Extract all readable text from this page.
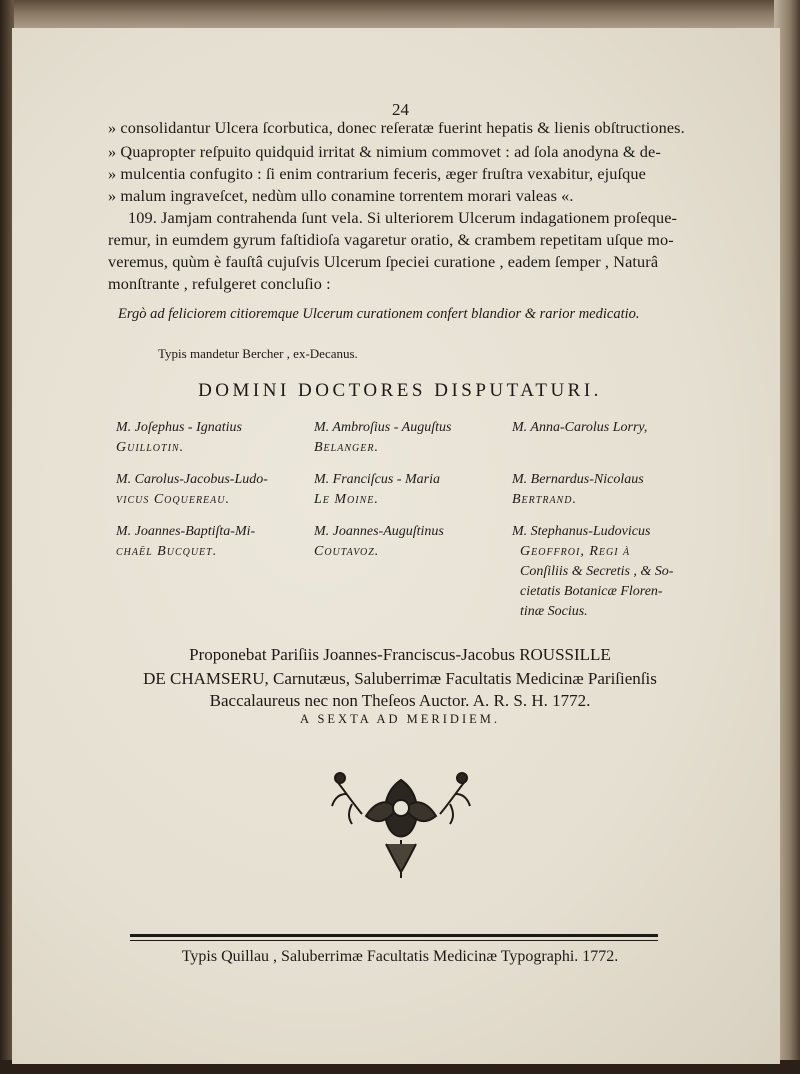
24
» consolidantur Ulcera ſcorbutica, donec reſeratæ fuerint hepatis & lienis obſtructiones.
» Quapropter reſpuito quidquid irritat & nimium commovet : ad ſola anodyna & de-
» mulcentia confugito : ſi enim contrarium feceris, æger fruſtra vexabitur, ejuſque
» malum ingraveſcet, nedùm ullo conamine torrentem morari valeas «.
109. Jamjam contrahenda ſunt vela. Si ulteriorem Ulcerum indagationem proſeque-
remur, in eumdem gyrum faſtidioſa vagaretur oratio, & crambem repetitam uſque mo-
veremus, quùm è fauſtâ cujuſvis Ulcerum ſpeciei curatione , eadem ſemper , Naturâ
monſtrante , refulgeret concluſio :
Ergò ad feliciorem citioremque Ulcerum curationem confert blandior & rarior medicatio.
Typis mandetur Bercher , ex-Decanus.
DOMINI DOCTORES DISPUTATURI.
M. Joſephus - Ignatius
Guillotin.
M. Ambroſius - Auguſtus
Belanger.
M. Anna-Carolus Lorry,
M. Carolus-Jacobus-Ludo-
vicus Coquereau.
M. Franciſcus - Maria
Le Moine.
M. Bernardus-Nicolaus
Bertrand.
M. Joannes-Baptiſta-Mi-
chaël Bucquet.
M. Joannes-Auguſtinus
Coutavoz.
M. Stephanus-Ludovicus
Geoffroi, Regi à
Conſiliis & Secretis , & So-
cietatis Botanicæ Floren-
tinæ Socius.
Proponebat Pariſiis Joannes-Franciscus-Jacobus ROUSSILLE
DE CHAMSERU, Carnutæus, Saluberrimæ Facultatis Medicinæ Pariſienſis
Baccalaureus nec non Theſeos Auctor. A. R. S. H. 1772.
A SEXTA AD MERIDIEM.
Typis Quillau , Saluberrimæ Facultatis Medicinæ Typographi. 1772.
